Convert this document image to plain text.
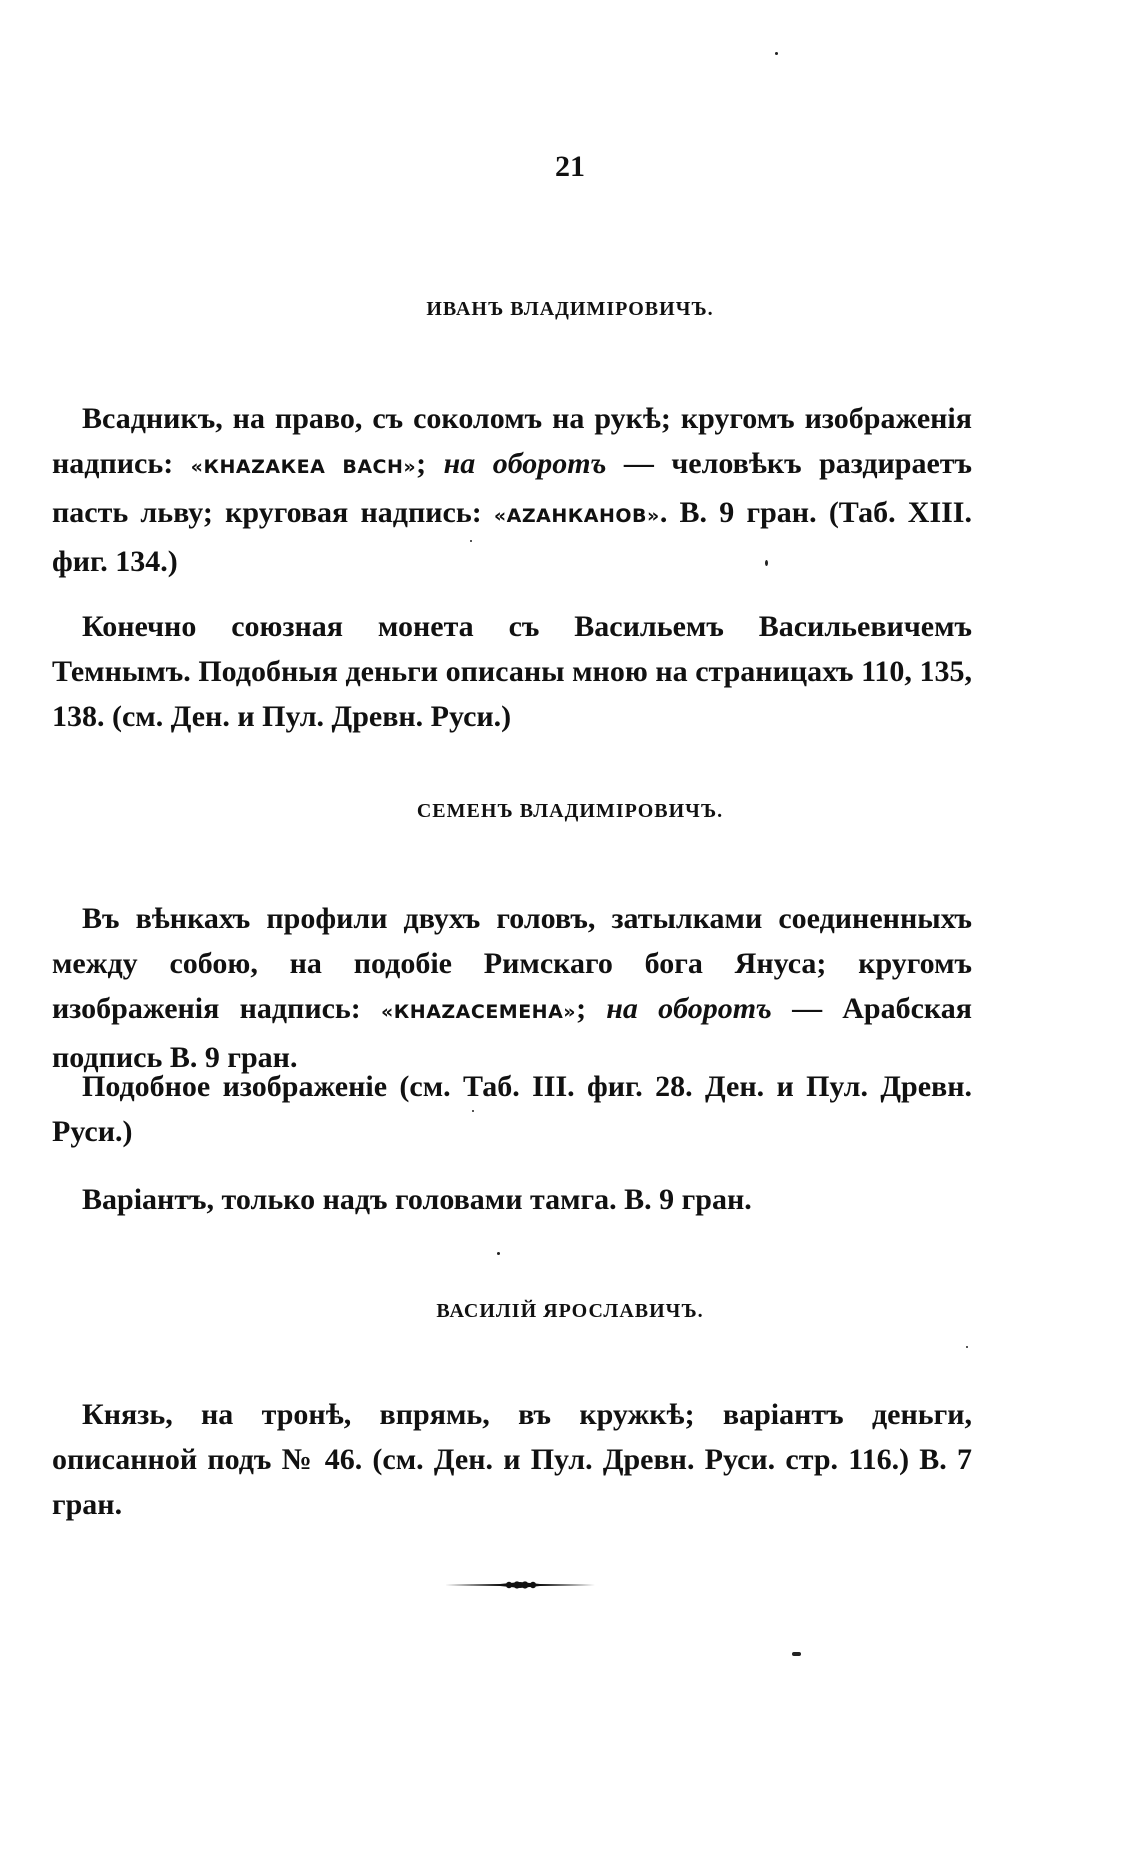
21
ИВАНЪ ВЛАДИМІРОВИЧЪ.

Всадникъ, на право, съ соколомъ на рукѣ; кругомъ изображенія надпись: «КНАZАКЕА ВАСН»; на оборотъ — человѣкъ раздираетъ пасть льву; круговая надпись: «АZАНКАНОВ». В. 9 гран. (Таб. XIII. фиг. 134.)

Конечно союзная монета съ Васильемъ Васильевичемъ Темнымъ. Подобныя деньги описаны мною на страницахъ 110, 135, 138. (см. Ден. и Пул. Древн. Руси.)

СЕМЕНЪ ВЛАДИМІРОВИЧЪ.

Въ вѣнкахъ профили двухъ головъ, затылками соединенныхъ между собою, на подобіе Римскаго бога Януса; кругомъ изображенія надпись: «КНАZАСЕМЕНА»; на оборотъ — Арабская подпись В. 9 гран.

Подобное изображеніе (см. Таб. III. фиг. 28. Ден. и Пул. Древн. Руси.)

Варіантъ, только надъ головами тамга. В. 9 гран.

ВАСИЛІЙ ЯРОСЛАВИЧЪ.

Князь, на тронѣ, впрямь, въ кружкѣ; варіантъ деньги, описанной подъ № 46. (см. Ден. и Пул. Древн. Руси. стр. 116.) В. 7 гран.
